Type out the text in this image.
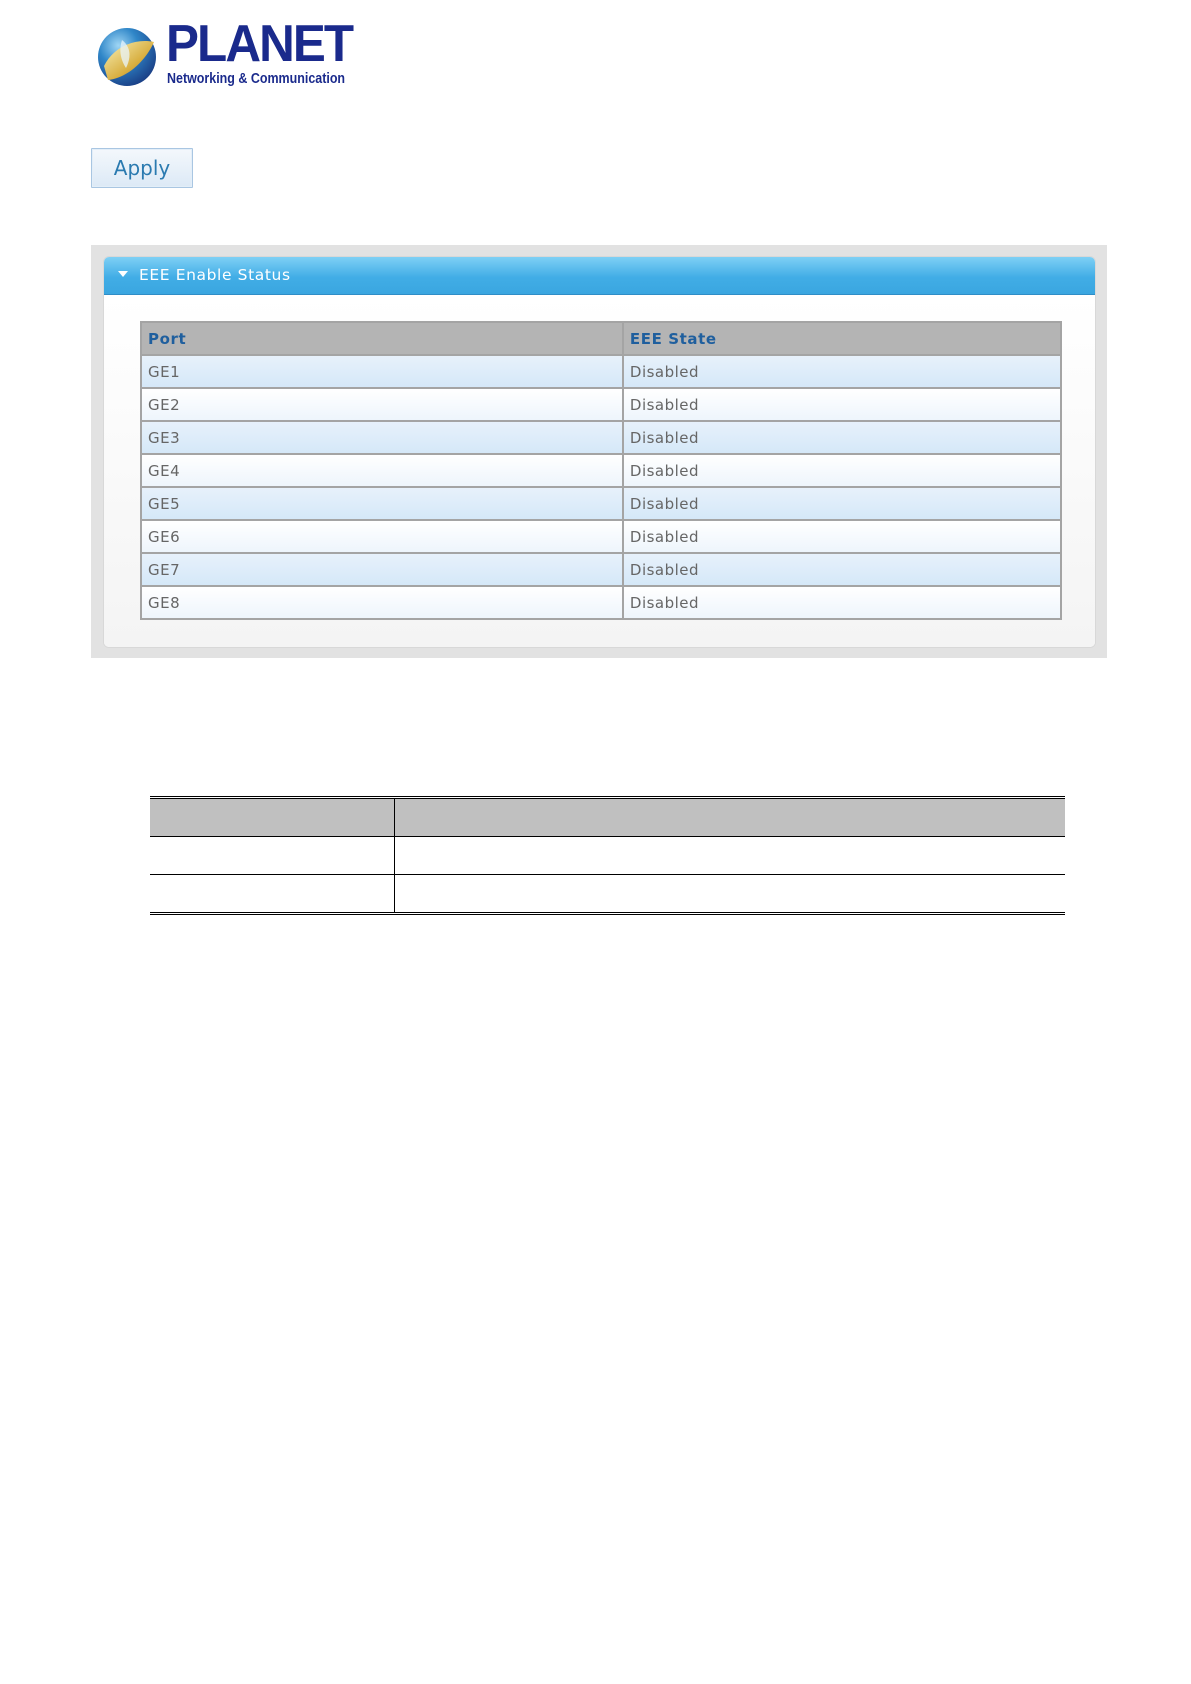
PLANET
Networking & Communication
Apply
EEE Enable Status
Port	EEE State
GE1	Disabled
GE2	Disabled
GE3	Disabled
GE4	Disabled
GE5	Disabled
GE6	Disabled
GE7	Disabled
GE8	Disabled
